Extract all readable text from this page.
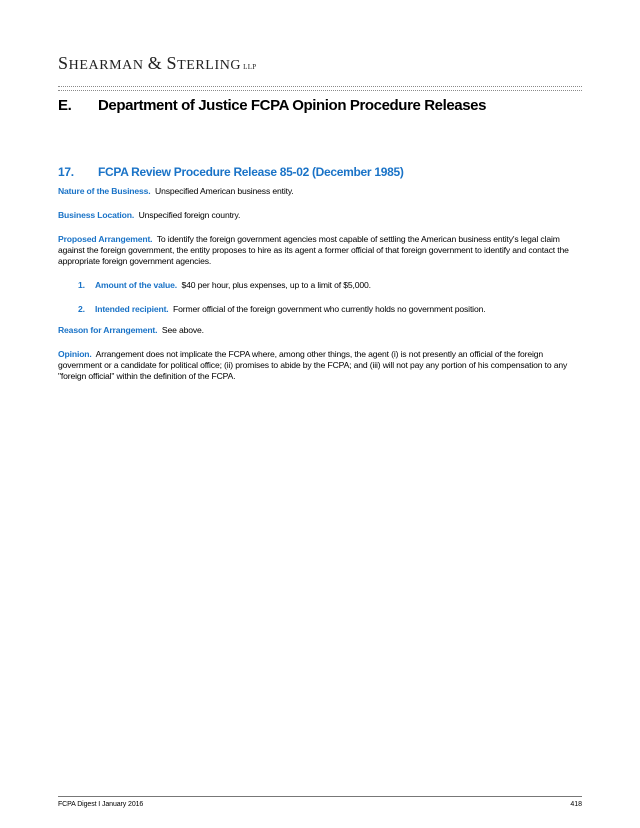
SHEARMAN & STERLING LLP
E. Department of Justice FCPA Opinion Procedure Releases
17. FCPA Review Procedure Release 85-02 (December 1985)
Nature of the Business. Unspecified American business entity.
Business Location. Unspecified foreign country.
Proposed Arrangement. To identify the foreign government agencies most capable of settling the American business entity's legal claim against the foreign government, the entity proposes to hire as its agent a former official of that foreign government to identify and contact the appropriate foreign government agencies.
1. Amount of the value. $40 per hour, plus expenses, up to a limit of $5,000.
2. Intended recipient. Former official of the foreign government who currently holds no government position.
Reason for Arrangement. See above.
Opinion. Arrangement does not implicate the FCPA where, among other things, the agent (i) is not presently an official of the foreign government or a candidate for political office; (ii) promises to abide by the FCPA; and (iii) will not pay any portion of his compensation to any "foreign official" within the definition of the FCPA.
FCPA Digest I January 2016	418
